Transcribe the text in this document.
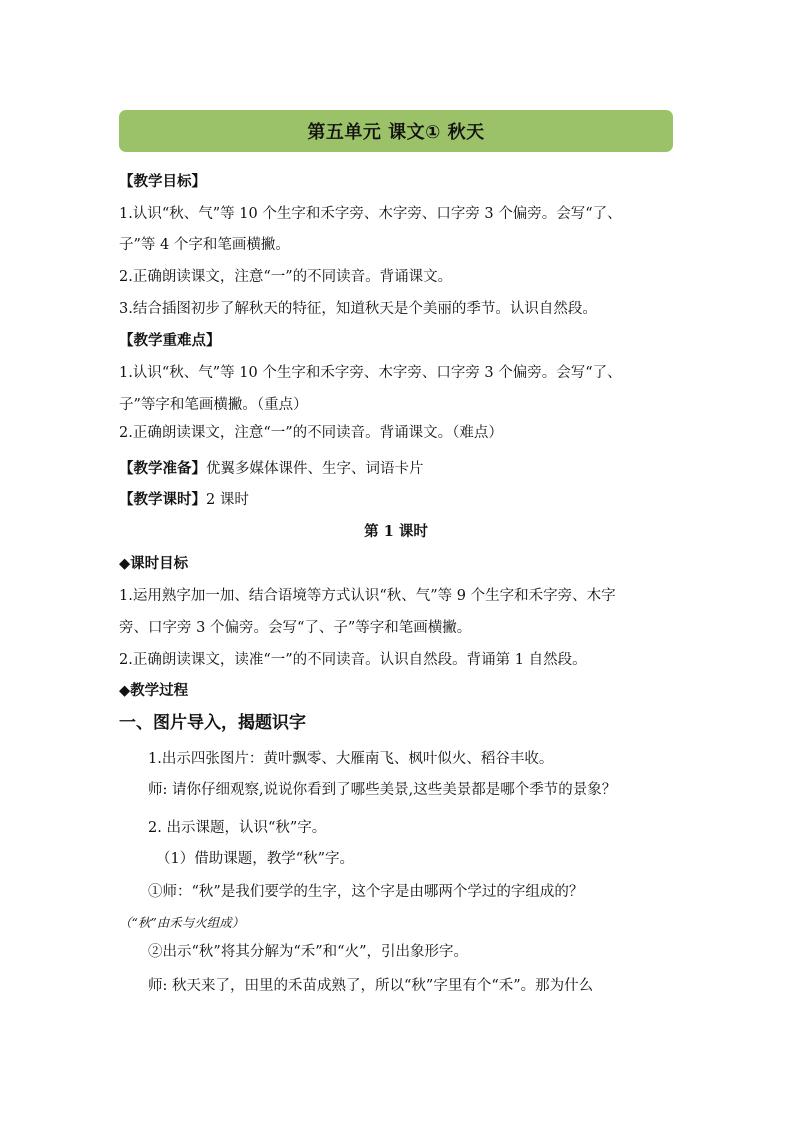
第五单元 课文① 秋天
【教学目标】
1.认识“秋、气”等 10 个生字和禾字旁、木字旁、口字旁 3 个偏旁。会写“了、
子”等 4 个字和笔画横撇。
2.正确朗读课文，注意“一”的不同读音。背诵课文。
3.结合插图初步了解秋天的特征，知道秋天是个美丽的季节。认识自然段。
【教学重难点】
1.认识“秋、气”等 10 个生字和禾字旁、木字旁、口字旁 3 个偏旁。会写“了、
子”等字和笔画横撇。（重点）
2.正确朗读课文，注意“一”的不同读音。背诵课文。（难点）
【教学准备】优翼多媒体课件、生字、词语卡片
【教学课时】2 课时
第 1 课时
◆课时目标
1.运用熟字加一加、结合语境等方式认识“秋、气”等 9 个生字和禾字旁、木字
旁、口字旁 3 个偏旁。会写“了、子”等字和笔画横撇。
2.正确朗读课文，读准“一”的不同读音。认识自然段。背诵第 1 自然段。
◆教学过程
一、图片导入，揭题识字
1.出示四张图片：黄叶飘零、大雁南飞、枫叶似火、稻谷丰收。
师: 请你仔细观察,说说你看到了哪些美景,这些美景都是哪个季节的景象？
2. 出示课题，认识“秋”字。
（1）借助课题，教学“秋”字。
①师：“秋”是我们要学的生字，这个字是由哪两个学过的字组成的？
（“秋”由禾与火组成）
②出示“秋”将其分解为“禾”和“火”，引出象形字。
师: 秋天来了，田里的禾苗成熟了，所以“秋”字里有个“禾”。那为什么
